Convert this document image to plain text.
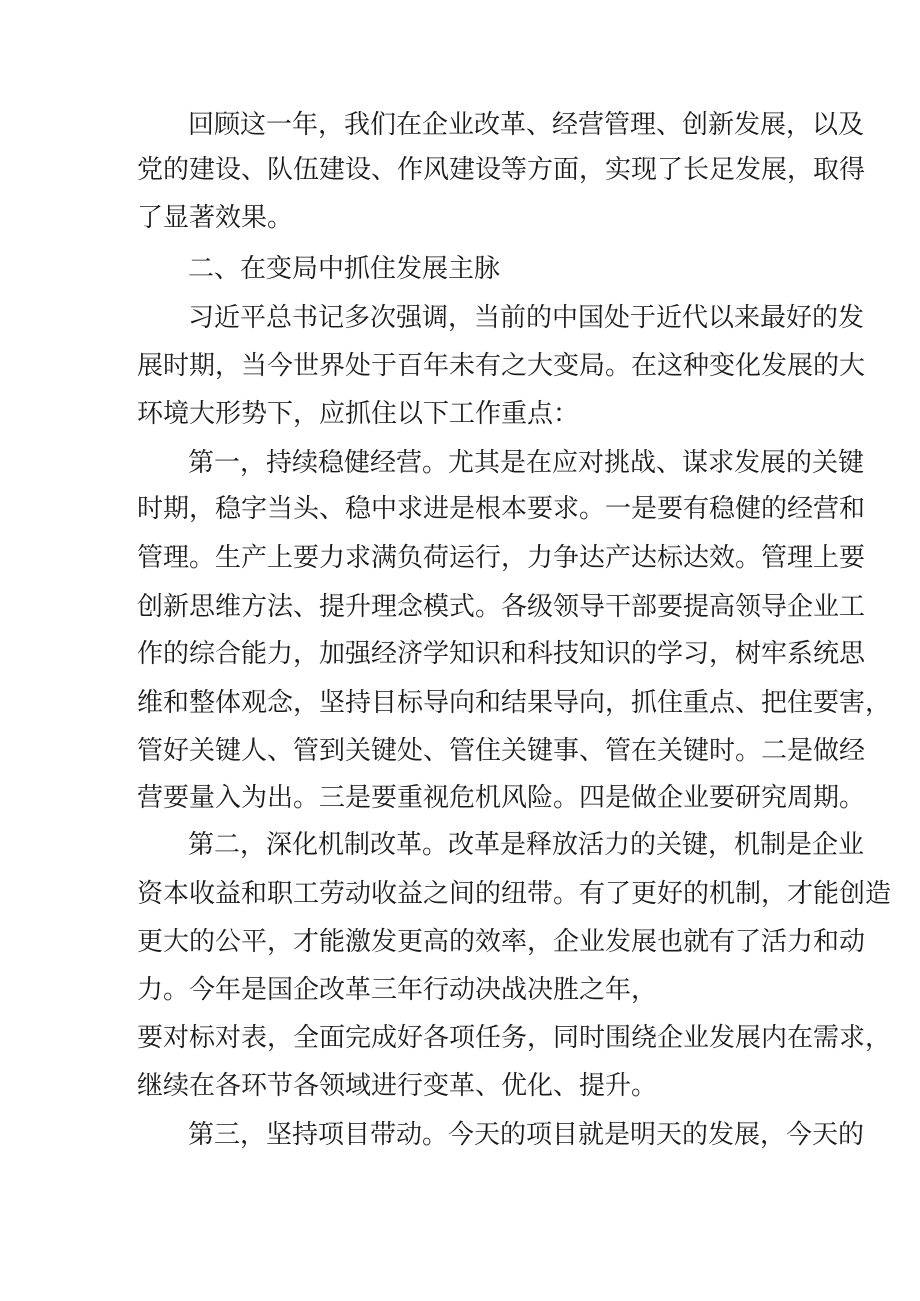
回顾这一年，我们在企业改革、经营管理、创新发展，以及
党的建设、队伍建设、作风建设等方面，实现了长足发展，取得
了显著效果。
二、在变局中抓住发展主脉
习近平总书记多次强调，当前的中国处于近代以来最好的发
展时期，当今世界处于百年未有之大变局。在这种变化发展的大
环境大形势下，应抓住以下工作重点：
第一，持续稳健经营。尤其是在应对挑战、谋求发展的关键
时期，稳字当头、稳中求进是根本要求。一是要有稳健的经营和
管理。生产上要力求满负荷运行，力争达产达标达效。管理上要
创新思维方法、提升理念模式。各级领导干部要提高领导企业工
作的综合能力，加强经济学知识和科技知识的学习，树牢系统思
维和整体观念，坚持目标导向和结果导向，抓住重点、把住要害，
管好关键人、管到关键处、管住关键事、管在关键时。二是做经
营要量入为出。三是要重视危机风险。四是做企业要研究周期。
第二，深化机制改革。改革是释放活力的关键，机制是企业
资本收益和职工劳动收益之间的纽带。有了更好的机制，才能创造
更大的公平，才能激发更高的效率，企业发展也就有了活力和动
力。今年是国企改革三年行动决战决胜之年，
要对标对表，全面完成好各项任务，同时围绕企业发展内在需求，
继续在各环节各领域进行变革、优化、提升。
第三，坚持项目带动。今天的项目就是明天的发展，今天的
